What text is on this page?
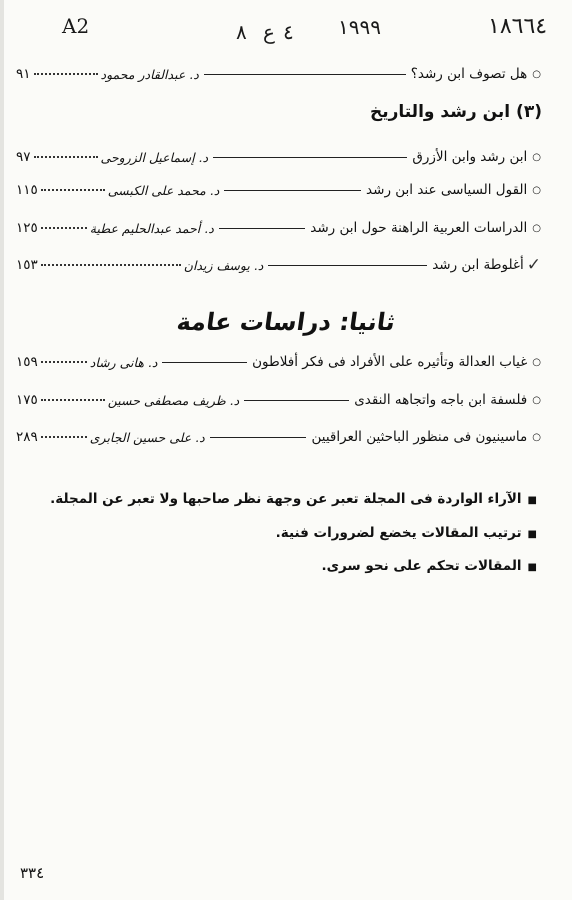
A2	٨ ع ٤ ١٩٩٩	١٨٦٦٤
○
هل تصوف ابن رشد؟
د. عبدالقادر محمود
٩١
(٣) ابن رشد والتاريخ
○
ابن رشد وابن الأزرق
د. إسماعيل الزروحى
٩٧
○
القول السياسى عند ابن رشد
د. محمد على الكبسى
١١٥
○
الدراسات العربية الراهنة حول ابن رشد
د. أحمد عبدالحليم عطية
١٢٥
✓
أغلوطة ابن رشد
د. يوسف زيدان
١٥٣
ثانيا: دراسات عامة
○
غياب العدالة وتأثيره على الأفراد فى فكر أفلاطون
د. هانى رشاد
١٥٩
○
فلسفة ابن باجه واتجاهه النقدى
د. ظريف مصطفى حسين
١٧٥
○
ماسينيون فى منظور الباحثين العراقيين
د. على حسين الجابرى
٢٨٩
■الآراء الواردة فى المجلة تعبر عن وجهة نظر صاحبها ولا تعبر عن المجلة.
■ترتيب المقالات يخضع لضرورات فنية.
■المقالات تحكم على نحو سرى.
٣٣٤
